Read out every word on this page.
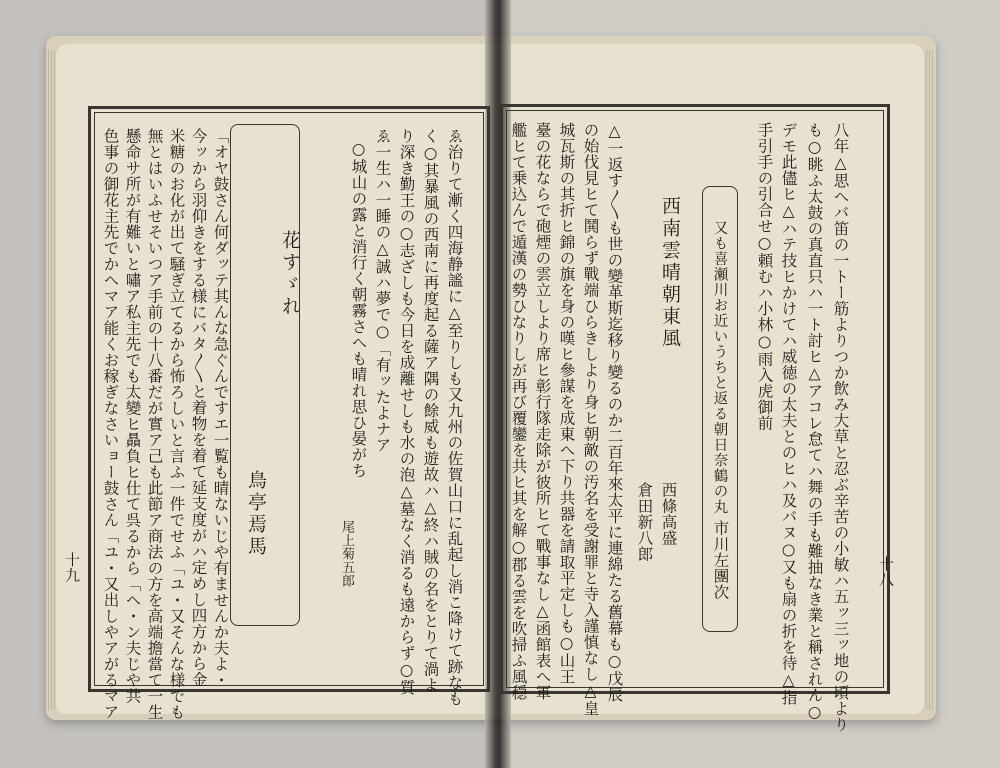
十九 色事の御花主先でかへマア能くお稼ぎなさいョー鼓さん「ユ・又出しやアがるマア 懸命サ所が有難いと嘯ア私主先でも太變ヒ贔負ヒ仕て呉るから「ヘ・ン夫じや共 無とはいふせそいつア手前の十八番だが實ア己も此節ア商法の方を高端擔當て一生 米糖のお化が出て騒ぎ立てるから怖ろしいと言ふ一件でせふ「ユ・又そんな様でも 今ッから羽仰きをする様にバタ〳〵と着物を着て延支度がハ定めし四方から金 「オヤ鼓さん何ダッテ其んな急ぐんですエ一覧も晴ないじや有ませんか夫よ・	花すゞれ
鳥亭焉馬	尾上菊五郎
○城山の露と消行く朝霧さへも晴れ思ひ晏がち ゑ一生ハ一睡の△誠ハ夢で○「有ッたよナア り深き勤王の○志ざしも今日を成離せしも水の泡△墓なく消るも遠からず○質 く○其暴風の西南に再度起る薩ア隅の餘威も遊故ハ△終ハ賊の名をとりて渦よ ゑ治りて漸く四海静謐に△至りしも又九州の佐賀山口に乱起し消こ降けて跡なも	艦ヒて乗込んで遁漢の勢ひなりしが再び覆鑾を共ヒ其を解○郡る雲を吹掃ふ風穏 臺の花ならで砲煙の雲立しより席ヒ彰行隊走除が彼所ヒて戰事なし△函館表へ軍 城瓦斯の其折ヒ錦の旗を身の嘆ヒ參謀を成東へ下り共器を請取平定しも○山王 の始伐見ヒて鬨らず戰端ひらきしより身ヒ朝敵の汚名を受謝罪と寺入謹慎なし△皇 △一返す〳〵も世の變革斯迄移り變るのか二百年來太平に連綿たる舊幕も○戊辰 倉田新八郎 西條高盛
西南雲晴朝東風 又も喜瀬川お近いうちと返る朝日奈鶴の丸
市川左團次
手引手の引合せ○頼むハ小林○雨入虎御前 デモ此儘ヒ△ハテ技ヒかけてハ威徳の太夫とのヒハ及バヌ○又も扇の折を待△指 も○眺ふ太鼓の真直只ハ一ト討ヒ△アコレ怠てハ舞の手も難抽なき業と稱されん○ 八年△思へバ笛の一トー筋よりつか飲み大草と忍ぶ辛苦の小敏ハ五ッ三ッ地の頃より 十八
